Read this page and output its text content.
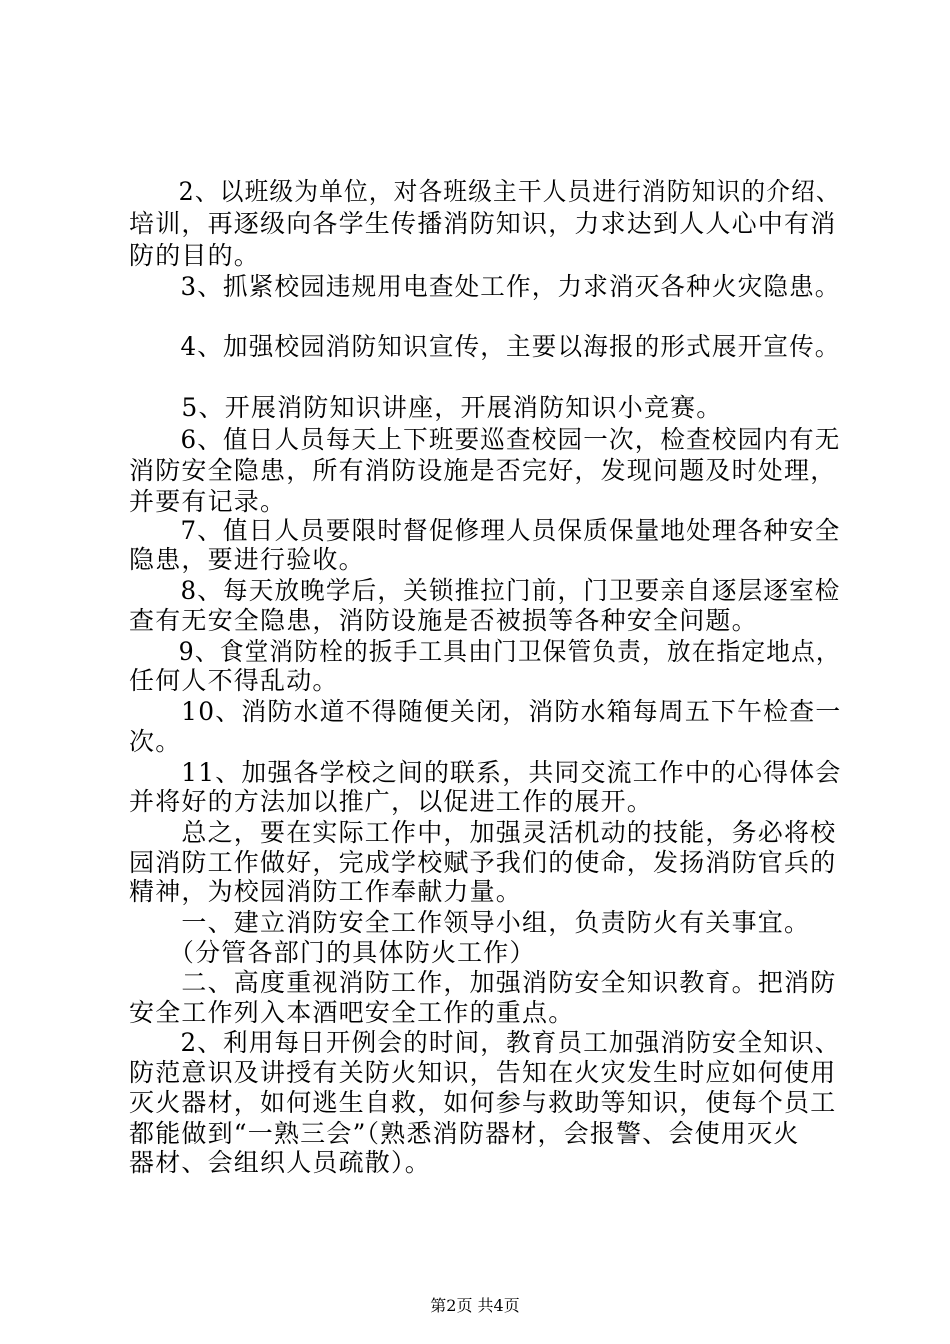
　　2、以班级为单位，对各班级主干人员进行消防知识的介绍、
培训，再逐级向各学生传播消防知识，力求达到人人心中有消
防的目的。
　　3、抓紧校园违规用电查处工作，力求消灭各种火灾隐患。
　　4、加强校园消防知识宣传，主要以海报的形式展开宣传。
　　5、开展消防知识讲座，开展消防知识小竞赛。
　　6、值日人员每天上下班要巡查校园一次，检查校园内有无
消防安全隐患，所有消防设施是否完好，发现问题及时处理，
并要有记录。
　　7、值日人员要限时督促修理人员保质保量地处理各种安全
隐患，要进行验收。
　　8、每天放晚学后，关锁推拉门前，门卫要亲自逐层逐室检
查有无安全隐患，消防设施是否被损等各种安全问题。
　　9、食堂消防栓的扳手工具由门卫保管负责，放在指定地点，
任何人不得乱动。
　　10、消防水道不得随便关闭，消防水箱每周五下午检查一
次。
　　11、加强各学校之间的联系，共同交流工作中的心得体会
并将好的方法加以推广，以促进工作的展开。
　　总之，要在实际工作中，加强灵活机动的技能，务必将校
园消防工作做好，完成学校赋予我们的使命，发扬消防官兵的
精神，为校园消防工作奉献力量。
　　一、建立消防安全工作领导小组，负责防火有关事宜。
　　（分管各部门的具体防火工作）
　　二、高度重视消防工作，加强消防安全知识教育。把消防
安全工作列入本酒吧安全工作的重点。
　　2、利用每日开例会的时间，教育员工加强消防安全知识、
防范意识及讲授有关防火知识，告知在火灾发生时应如何使用
灭火器材，如何逃生自救，如何参与救助等知识，使每个员工
都能做到“一熟三会”（熟悉消防器材，会报警、会使用灭火
器材、会组织人员疏散）。
第2页 共4页
